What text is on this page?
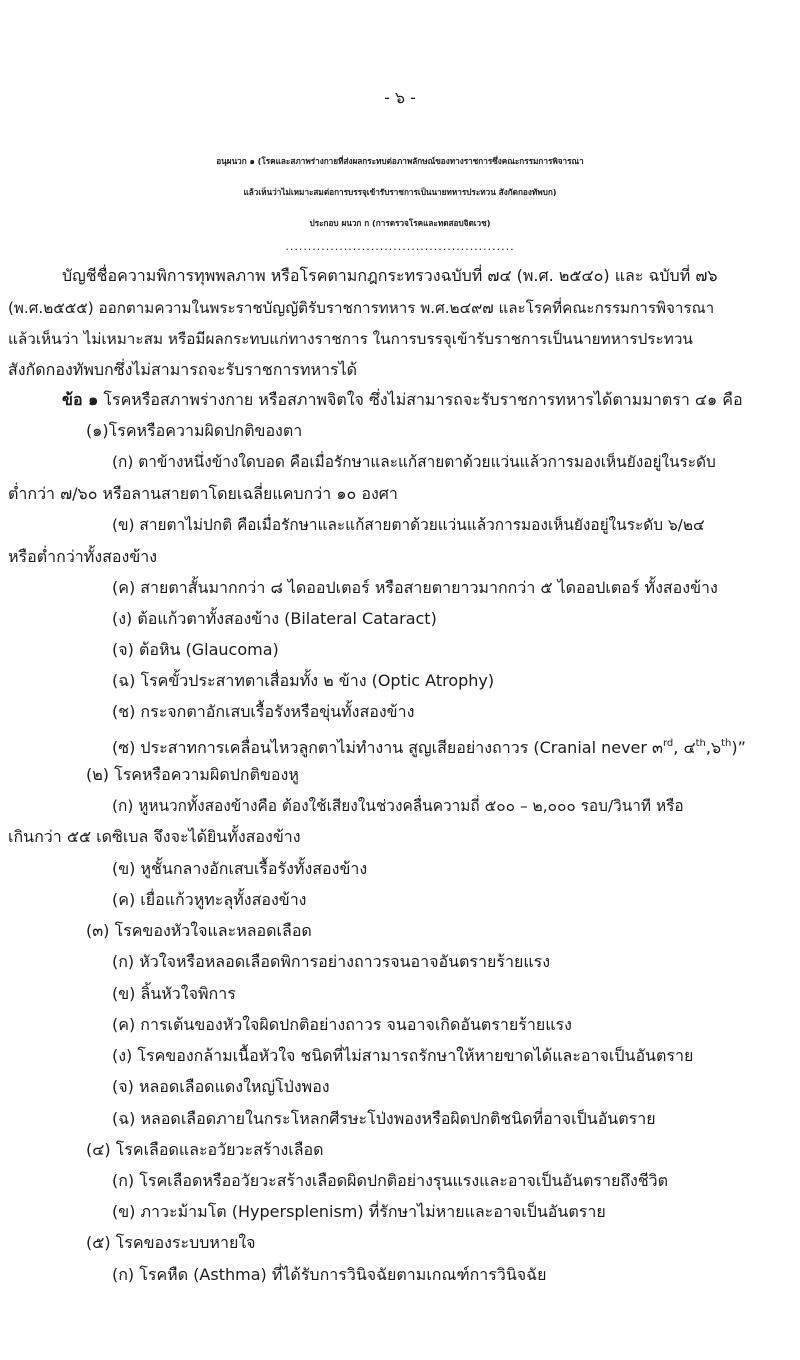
- ๖ -
อนุผนวก ๑ (โรคและสภาพร่างกายที่ส่งผลกระทบต่อภาพลักษณ์ของทางราชการซึ่งคณะกรรมการพิจารณา
แล้วเห็นว่าไม่เหมาะสมต่อการบรรจุเข้ารับราชการเป็นนายทหารประทวน สังกัดกองทัพบก)
ประกอบ ผนวก ก (การตรวจโรคและทดสอบจิตเวช)
...................................................
บัญชีชื่อความพิการทุพพลภาพ หรือโรคตามกฎกระทรวงฉบับที่ ๗๔ (พ.ศ. ๒๕๔๐) และ ฉบับที่ ๗๖
(พ.ศ.๒๕๕๕) ออกตามความในพระราชบัญญัติรับราชการทหาร พ.ศ.๒๔๙๗ และโรคที่คณะกรรมการพิจารณา
แล้วเห็นว่า ไม่เหมาะสม หรือมีผลกระทบแก่ทางราชการ ในการบรรจุเข้ารับราชการเป็นนายทหารประทวน
สังกัดกองทัพบกซึ่งไม่สามารถจะรับราชการทหารได้
ข้อ ๑ โรคหรือสภาพร่างกาย หรือสภาพจิตใจ ซึ่งไม่สามารถจะรับราชการทหารได้ตามมาตรา ๔๑ คือ
(๑)โรคหรือความผิดปกติของตา
(ก) ตาข้างหนึ่งข้างใดบอด คือเมื่อรักษาและแก้สายตาด้วยแว่นแล้วการมองเห็นยังอยู่ในระดับ
ต่ำกว่า ๗/๖๐ หรือลานสายตาโดยเฉลี่ยแคบกว่า ๑๐ องศา
(ข) สายตาไม่ปกติ คือเมื่อรักษาและแก้สายตาด้วยแว่นแล้วการมองเห็นยังอยู่ในระดับ ๖/๒๔
หรือต่ำกว่าทั้งสองข้าง
(ค) สายตาสั้นมากกว่า ๘ ไดออปเตอร์ หรือสายตายาวมากกว่า ๕ ไดออปเตอร์ ทั้งสองข้าง
(ง) ต้อแก้วตาทั้งสองข้าง (Bilateral Cataract)
(จ) ต้อหิน (Glaucoma)
(ฉ) โรคขั้วประสาทตาเสื่อมทั้ง ๒ ข้าง (Optic Atrophy)
(ช) กระจกตาอักเสบเรื้อรังหรือขุ่นทั้งสองข้าง
(ซ) ประสาทการเคลื่อนไหวลูกตาไม่ทำงาน สูญเสียอย่างถาวร (Cranial never ๓$^{rd}$, ๔$^{th}$,๖$^{th}$)”
(๒) โรคหรือความผิดปกติของหู
(ก) หูหนวกทั้งสองข้างคือ ต้องใช้เสียงในช่วงคลื่นความถี่ ๕๐๐ – ๒,๐๐๐ รอบ/วินาที หรือ
เกินกว่า ๕๕ เดซิเบล จึงจะได้ยินทั้งสองข้าง
(ข) หูชั้นกลางอักเสบเรื้อรังทั้งสองข้าง
(ค) เยื่อแก้วหูทะลุทั้งสองข้าง
(๓) โรคของหัวใจและหลอดเลือด
(ก) หัวใจหรือหลอดเลือดพิการอย่างถาวรจนอาจอันตรายร้ายแรง
(ข) ลิ้นหัวใจพิการ
(ค) การเต้นของหัวใจผิดปกติอย่างถาวร จนอาจเกิดอันตรายร้ายแรง
(ง) โรคของกล้ามเนื้อหัวใจ ชนิดที่ไม่สามารถรักษาให้หายขาดได้และอาจเป็นอันตราย
(จ) หลอดเลือดแดงใหญ่โป่งพอง
(ฉ) หลอดเลือดภายในกระโหลกศีรษะโป่งพองหรือผิดปกติชนิดที่อาจเป็นอันตราย
(๔) โรคเลือดและอวัยวะสร้างเลือด
(ก) โรคเลือดหรืออวัยวะสร้างเลือดผิดปกติอย่างรุนแรงและอาจเป็นอันตรายถึงชีวิต
(ข) ภาวะม้ามโต (Hypersplenism) ที่รักษาไม่หายและอาจเป็นอันตราย
(๕) โรคของระบบหายใจ
(ก) โรคหืด (Asthma) ที่ได้รับการวินิจฉัยตามเกณฑ์การวินิจฉัย
